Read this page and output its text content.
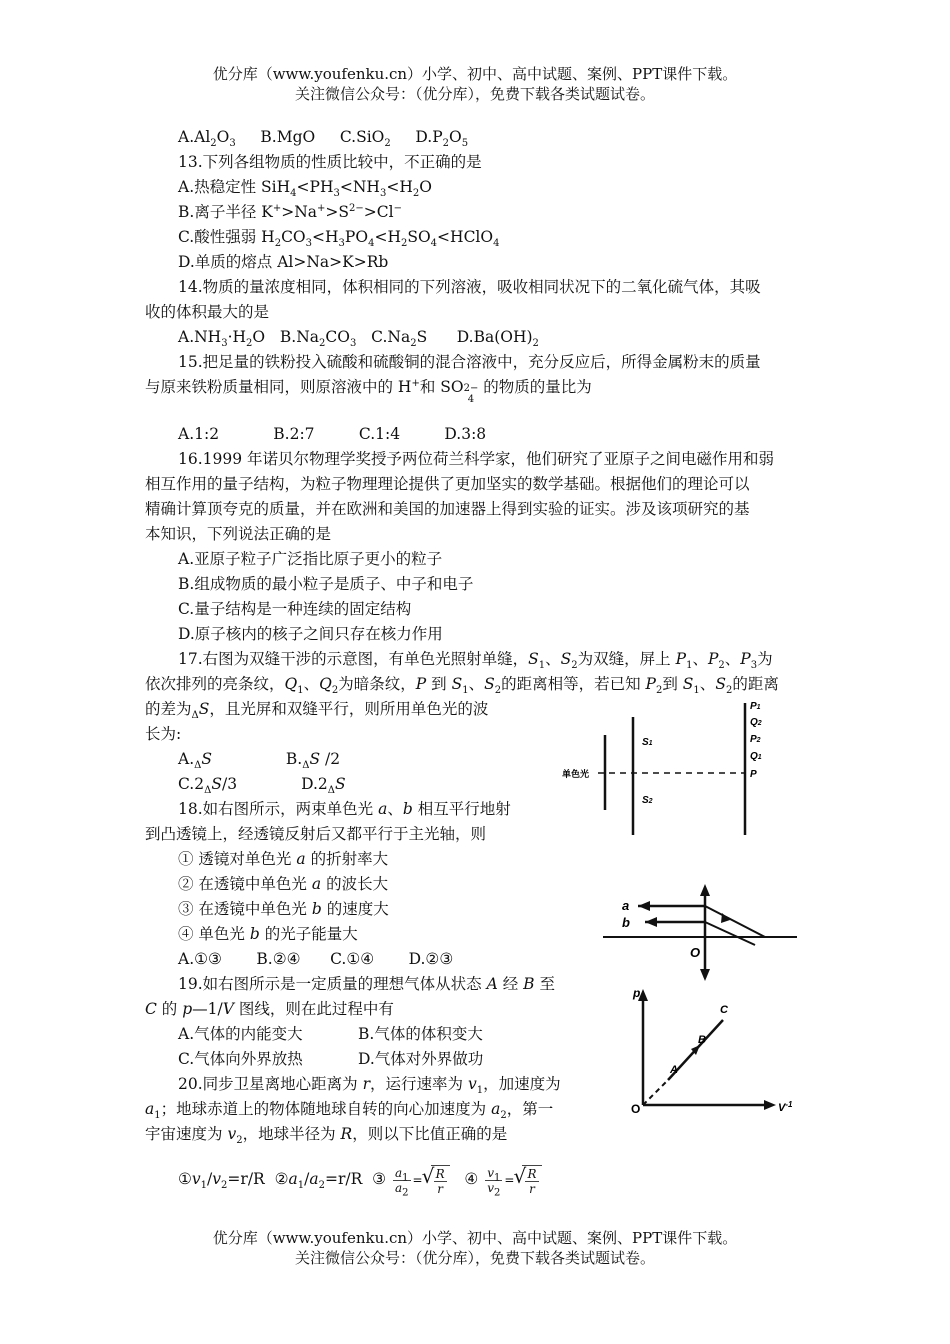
优分库（www.youfenku.cn）小学、初中、高中试题、案例、PPT课件下载。
关注微信公众号：（优分库），免费下载各类试题试卷。
$A.Al_2O_3$ B.MgO C.SiO$_2$ $D.P_2O_5$
13.下列各组物质的性质比较中，不正确的是
A.热稳定性 $SiH_4<PH_3<NH_3<H_2O$
B.离子半径 $K^+>Na^+>S^{2-}>Cl^-$
C.酸性强弱 $H_2CO_3<H_3PO_4<H_2SO_4<HClO_4$
D.单质的熔点 Al>Na>K>Rb
14.物质的量浓度相同，体积相同的下列溶液，吸收相同状况下的二氧化硫气体，其吸
收的体积最大的是
$A.NH_3\cdot H_2O$ $B.Na_2CO_3$ $C.Na_2S$ $D.Ba(OH)_2$
15.把足量的铁粉投入硫酸和硫酸铜的混合溶液中，充分反应后，所得金属粉末的质量
与原来铁粉质量相同，则原溶液中的 H+和 SO 2−
4
的物质的量比为
A.1:2	B.2:7	C.1:4	D.3:8
16.1999 年诺贝尔物理学奖授予两位荷兰科学家，他们研究了亚原子之间电磁作用和弱
相互作用的量子结构，为粒子物理理论提供了更加坚实的数学基础。根据他们的理论可以
精确计算顶夸克的质量，并在欧洲和美国的加速器上得到实验的证实。涉及该项研究的基
本知识，下列说法正确的是
A.亚原子粒子广泛指比原子更小的粒子
B.组成物质的最小粒子是质子、中子和电子
C.量子结构是一种连续的固定结构
D.原子核内的核子之间只存在核力作用
17.右图为双缝干涉的示意图，有单色光照射单缝，$S_1$、$S_2$为双缝，屏上 $P_1$、$P_2$、$P_3$为
依次排列的亮条纹，$Q_1$、$Q_2$为暗条纹，P 到 $S_1$、$S_2$的距离相等，若已知 $P_2$到 $S_1$、$S_2$的距离
的差为$_\Delta$S，且光屏和双缝平行，则所用单色光的波
长为:
$A._\Delta S$	$B._\Delta S$ /2
$C.2_\Delta S/3$	$D.2_\Delta S$
18.如右图所示，两束单色光 a、b 相互平行地射
到凸透镜上，经透镜反射后又都平行于主光轴，则
① 透镜对单色光 a 的折射率大
② 在透镜中单色光 a 的波长大
③ 在透镜中单色光 b 的速度大
④ 单色光 b 的光子能量大
A.①③ B.②④ C.①④ D.②③
19.如右图所示是一定质量的理想气体从状态 A 经 B 至
C 的 p—1/V 图线，则在此过程中有
A.气体的内能变大	B.气体的体积变大
C.气体向外界放热	D.气体对外界做功
20.同步卫星离地心距离为 r，运行速率为 $v_1$，加速度为
$a_1$；地球赤道上的物体随地球自转的向心加速度为 $a_2$，第一
宇宙速度为 $v_2$，地球半径为 R，则以下比值正确的是
$①v_1/v_2=r/R$ $②a_1/a_2=r/R$ ③ $\frac{a_1}{a_2}$ = √ $\frac{R}{r}$ ④ $\frac{v_1}{v_2}$ = √ $\frac{R}{r}$
单色光
S1
S2
P1
Q2
P2
Q1
P
a
b
O
p
O	$V^{-1}$
A
B
C
优分库（www.youfenku.cn）小学、初中、高中试题、案例、PPT课件下载。
关注微信公众号：（优分库），免费下载各类试题试卷。
